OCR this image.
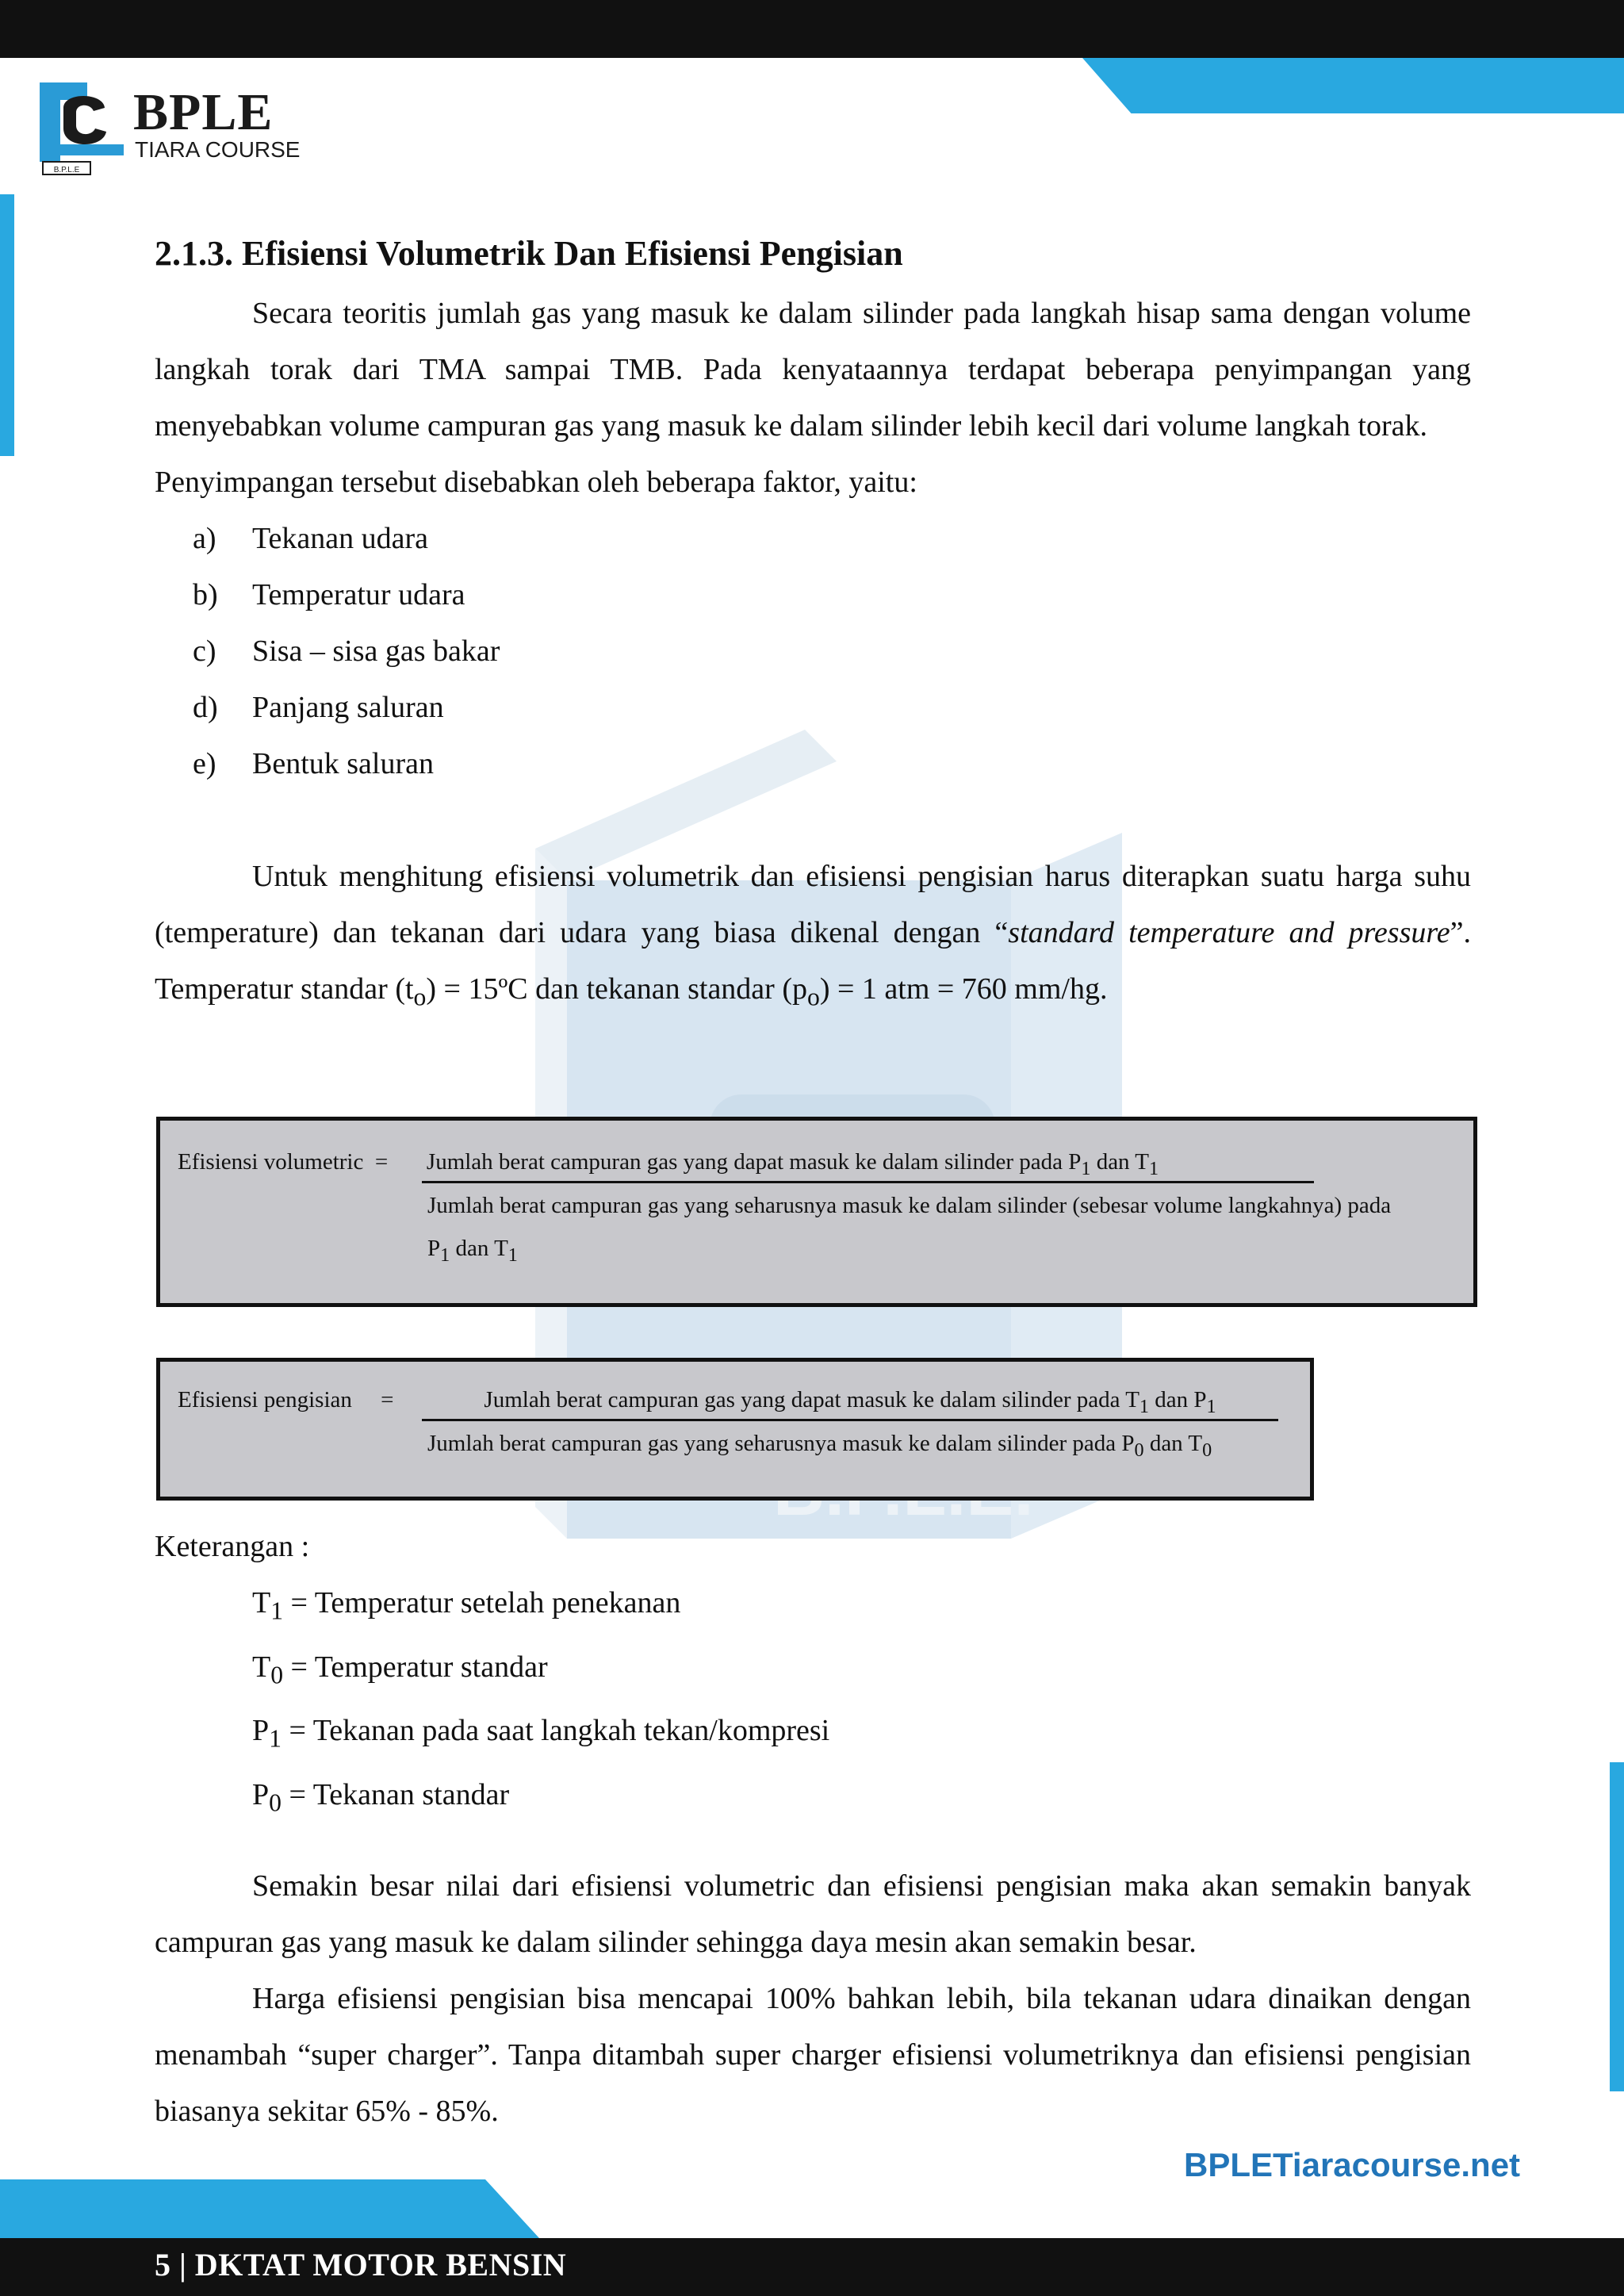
B.P.L.E
BPLE
TIARA COURSE
2.1.3. Efisiensi Volumetrik Dan Efisiensi Pengisian

Secara teoritis jumlah gas yang masuk ke dalam silinder pada langkah hisap sama dengan volume langkah torak dari TMA sampai TMB. Pada kenyataannya terdapat beberapa penyimpangan yang menyebabkan volume campuran gas yang masuk ke dalam silinder lebih kecil dari volume langkah torak.

Penyimpangan tersebut disebabkan oleh beberapa faktor, yaitu:

a)	Tekanan udara
b)	Temperatur udara
c)	Sisa – sisa gas bakar
d)	Panjang saluran
e)	Bentuk saluran

Untuk menghitung efisiensi volumetrik dan efisiensi pengisian harus diterapkan suatu harga suhu (temperature) dan tekanan dari udara yang biasa dikenal dengan “standard temperature and pressure”. Temperatur standar $(t_o)$ = 15ºC dan tekanan standar $(p_o) = 1$ atm = 760 mm/hg.

Efisiensi volumetric = Jumlah berat campuran gas yang dapat masuk ke dalam silinder pada $P_1$ dan $T_1$
Jumlah berat campuran gas yang seharusnya masuk ke dalam silinder (sebesar volume langkahnya) pada
$P_1$ dan $T_1$
Efisiensi pengisian =	Jumlah berat campuran gas yang dapat masuk ke dalam silinder pada $T_1$ dan $P_1$
Jumlah berat campuran gas yang seharusnya masuk ke dalam silinder pada $P_0$ dan $T_0$
Keterangan :
$T_1$ = Temperatur setelah penekanan
$T_0$ = Temperatur standar
$P_1$ = Tekanan pada saat langkah tekan/kompresi
$P_0$ = Tekanan standar

Semakin besar nilai dari efisiensi volumetric dan efisiensi pengisian maka akan semakin banyak campuran gas yang masuk ke dalam silinder sehingga daya mesin akan semakin besar.

Harga efisiensi pengisian bisa mencapai 100% bahkan lebih, bila tekanan udara dinaikan dengan menambah “super charger”. Tanpa ditambah super charger efisiensi volumetriknya dan efisiensi pengisian biasanya sekitar 65% - 85%.

BPLETiaracourse.net
5 | DKTAT MOTOR BENSIN
